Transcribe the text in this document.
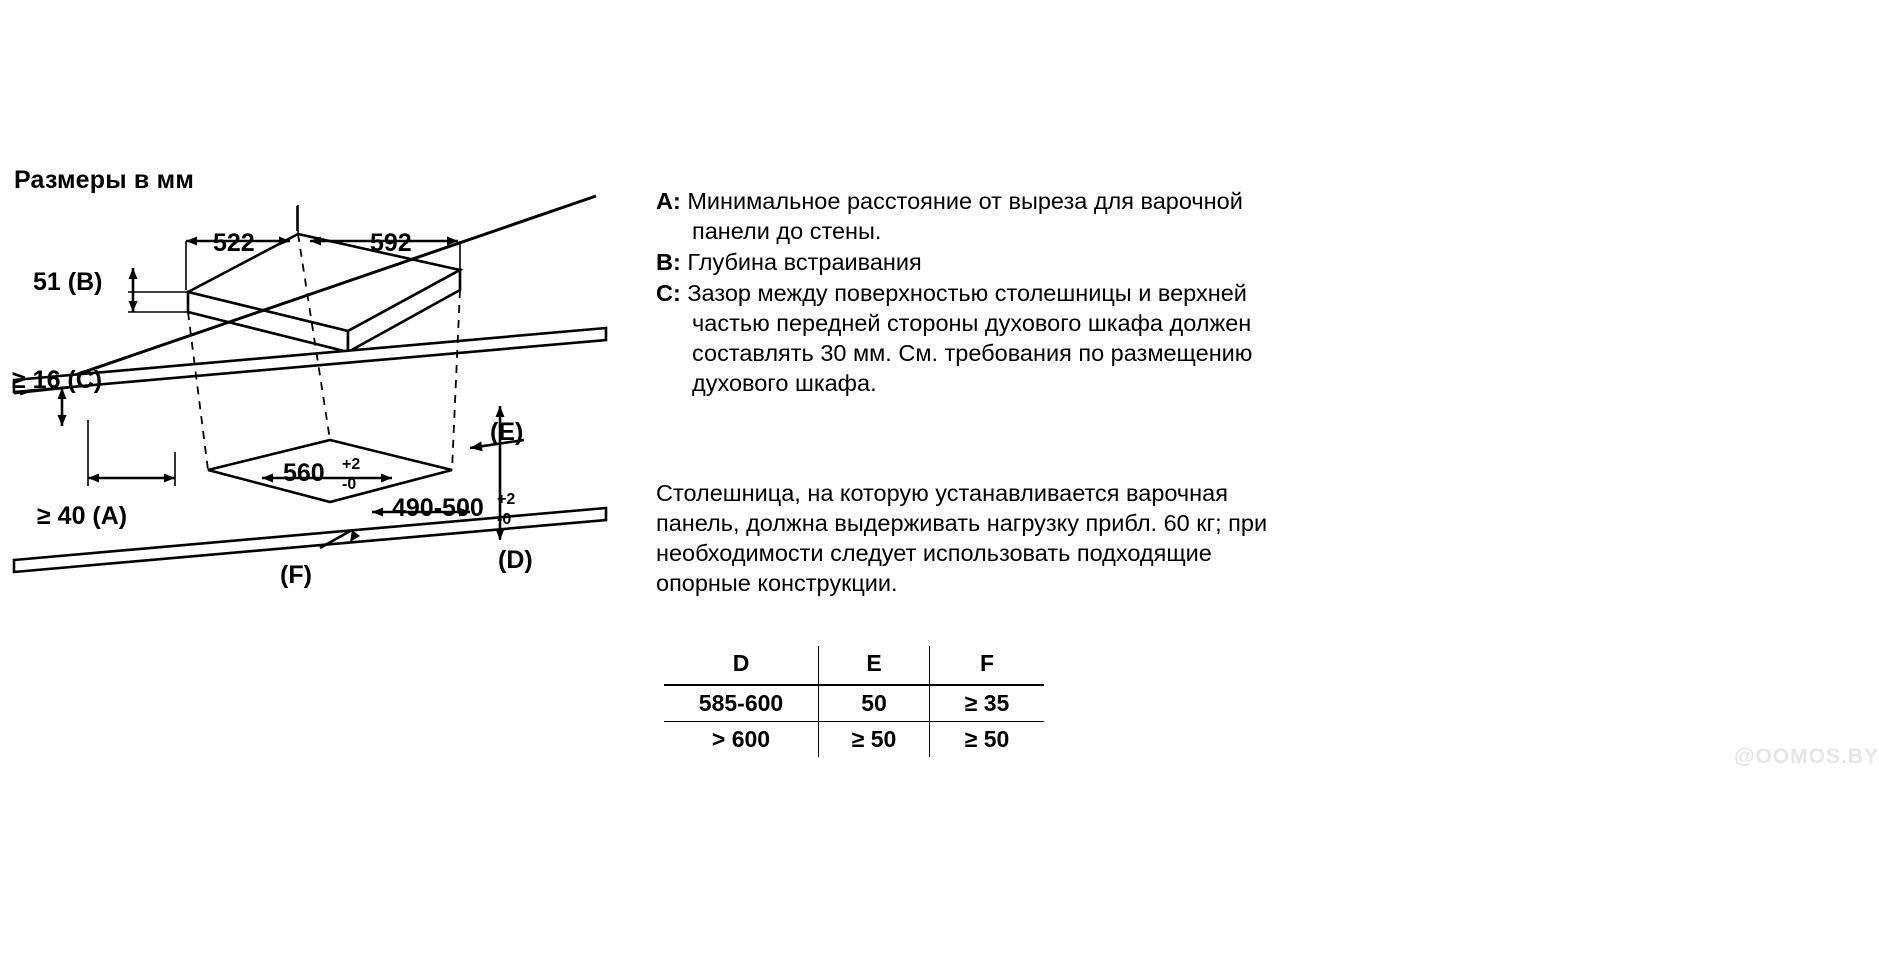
Размеры в мм
522	592
51 (B)
≥ 16 (C)
≥ 40 (A)
560 +2
-0
490-500 +2
-0
(E)
(D)
(F)
A: Минимальное расстояние от выреза для варочной панели до стены.
B: Глубина встраивания
C: Зазор между поверхностью столешницы и верхней частью передней стороны духового шкафа должен составлять 30 мм. См. требования по размещению духового шкафа.
Столешница, на которую устанавливается варочная панель, должна выдерживать нагрузку прибл. 60 кг; при необходимости следует использовать подходящие опорные конструкции.
D	E	F
585-600	50	≥ 35
> 600	≥ 50	≥ 50
@OOMOS.BY
